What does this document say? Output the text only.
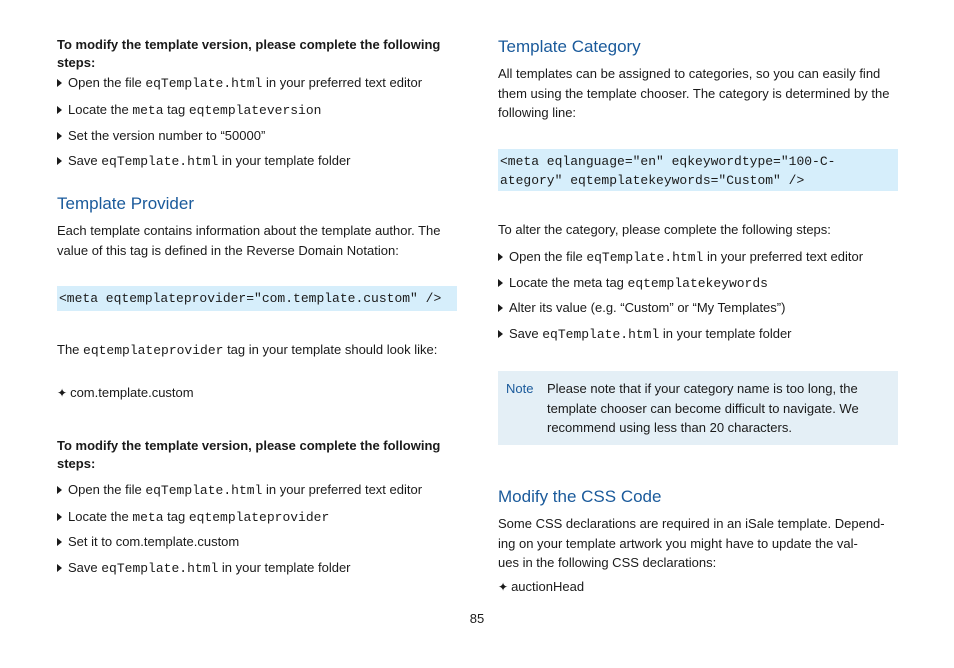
To modify the template version, please complete the following steps:
Open the file eqTemplate.html in your preferred text editor
Locate the meta tag eqtemplateversion
Set the version number to “50000”
Save eqTemplate.html in your template folder
Template Provider
Each template contains information about the template author. The value of this tag is defined in the Reverse Domain Notation:
<meta eqtemplateprovider="com.template.custom" />
The eqtemplateprovider tag in your template should look like:
✦ com.template.custom
To modify the template version, please complete the following steps:
Open the file eqTemplate.html in your preferred text editor
Locate the meta tag eqtemplateprovider
Set it to com.template.custom
Save eqTemplate.html in your template folder
Template Category
All templates can be assigned to categories, so you can easily find them using the template chooser. The category is determined by the following line:
<meta eqlanguage="en" eqkeywordtype="100-C-
ategory" eqtemplatekeywords="Custom" />
To alter the category, please complete the following steps:
Open the file eqTemplate.html in your preferred text editor
Locate the meta tag eqtemplatekeywords
Alter its value (e.g. “Custom” or “My Templates”)
Save eqTemplate.html in your template folder
Note Please note that if your category name is too long, the template chooser can become difficult to navigate. We recommend using less than 20 characters.
Modify the CSS Code
Some CSS declarations are required in an iSale template. Depend-
ing on your template artwork you might have to update the val-
ues in the following CSS declarations:
✦ auctionHead
85
